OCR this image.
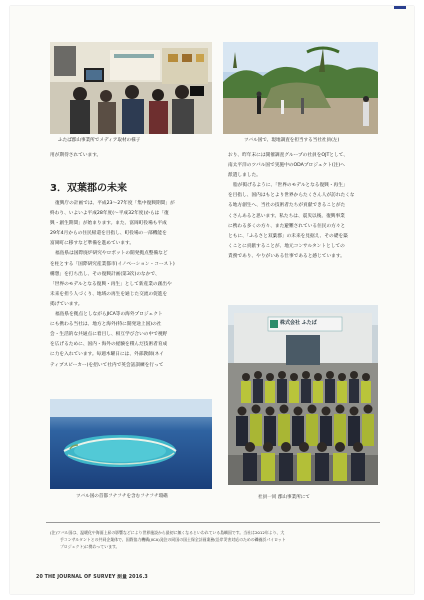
ふたば郡山事業所でメディア取材の様子	ツバル国で、現地調査を担当する当社社員(左)
用が期待されています。
3．双葉郡の未来
復興庁の計画では、平成23～27年度「集中復興期間」が
終わり、いよいよ平成28年度(～平成32年度)からは「復
興・創生期間」が始まります。また、富岡町役場も平成
29年4月からの住民帰還を目指し、町役場の一部機能を
富岡町に移すなど準備を進めています。
福島県は国際廃炉研究やロボットの開発拠点整備など
を柱とする「国際研究産業都市(イノベーション・コースト)
構想」を打ち出し、その復興計画(第3次)のなかで、
「世界のモデルとなる復興・再生」として新産業の創出や
未来を担う人づくり、地域の再生を通じた交流の促進を
掲げています。
福島県を拠点としながらJICA等の海外プロジェクト
にも携わる当社は、地方と海外(特に開発途上国)の社
会・生活的な共通点に着目し、相互学び合いの中で視野
を広げるために、国内・海外の経験を積んだ技術者育成
に力を入れています。毎週木曜日には、外部教師(ネイ
ティブスピーカー)を招いて社内で英会話訓練を行って
おり、昨年末には開催調査グループの社員をOJTとして、
南太平洋のツバル国で実施中のODAプロジェクト(注)へ
派遣しました。
脂が掲げるように、「世界のモデルとなる復興・再生」
を目指し、国内はもとより世界からたくさん人が訪れたくな
る地方創生へ、当社の技術者たちが貢献できることがた
くさんあると思います。私たちは、震災以後、復興事業
に携わる多くの方々、また避難されている住民の方々と
ともに、「ふるさと双葉郡」の未来を見据え、その礎を築
くことに貢献することが、地元コンサルタントとしての
責務であり、やりがいある仕事であると感じています。
株式会社 ふたば
社員一同 郡山事業所にて
ツバル国の首都フナフチを含むフナフチ環礁
(注)ツバル国は、温暖化や海面上昇の影響などにより世界施設から最初に無くなるといわれている島嶼国です。当社は2012年より、大
手コンサルタントとの共同企業体で、国際協力機構(JICA)発注の同国の国土保全計画業務(沿岸災害対応のための礫養浜パイロット
プロジェクト)に携わっています。
20 THE JOURNAL OF SURVEY 測量 2016.3
